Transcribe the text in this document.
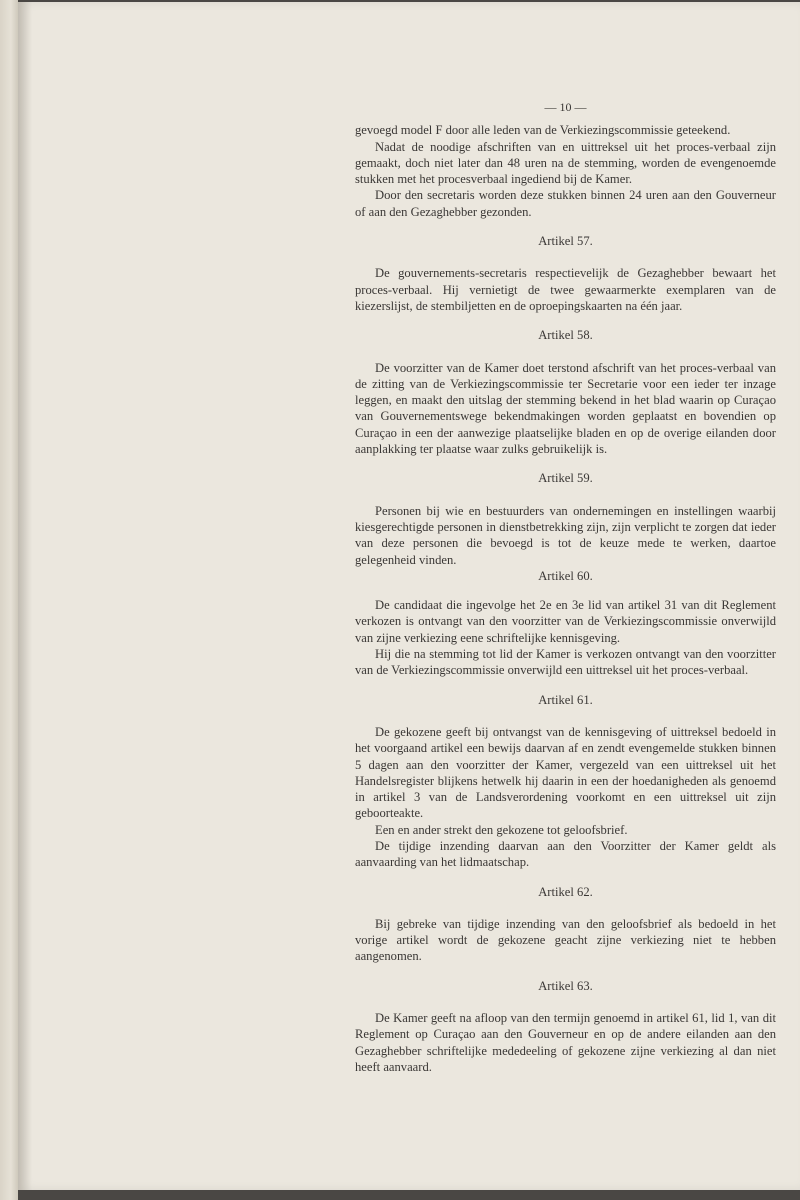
— 10 —

gevoegd model F door alle leden van de Verkiezingscommissie geteekend.

Nadat de noodige afschriften van en uittreksel uit het proces-verbaal zijn gemaakt, doch niet later dan 48 uren na de stemming, worden de evengenoemde stukken met het procesverbaal ingediend bij de Kamer.

Door den secretaris worden deze stukken binnen 24 uren aan den Gouverneur of aan den Gezaghebber gezonden.

Artikel 57.

De gouvernements-secretaris respectievelijk de Gezaghebber bewaart het proces-verbaal. Hij vernietigt de twee gewaarmerkte exemplaren van de kiezerslijst, de stembiljetten en de oproepingskaarten na één jaar.

Artikel 58.

De voorzitter van de Kamer doet terstond afschrift van het proces-verbaal van de zitting van de Verkiezingscommissie ter Secretarie voor een ieder ter inzage leggen, en maakt den uitslag der stemming bekend in het blad waarin op Curaçao van Gouvernementswege bekendmakingen worden geplaatst en bovendien op Curaçao in een der aanwezige plaatselijke bladen en op de overige eilanden door aanplakking ter plaatse waar zulks gebruikelijk is.

Artikel 59.

Personen bij wie en bestuurders van ondernemingen en instellingen waarbij kiesgerechtigde personen in dienstbetrekking zijn, zijn verplicht te zorgen dat ieder van deze personen die bevoegd is tot de keuze mede te werken, daartoe gelegenheid vinden.

Artikel 60.

De candidaat die ingevolge het 2e en 3e lid van artikel 31 van dit Reglement verkozen is ontvangt van den voorzitter van de Verkiezingscommissie onverwijld van zijne verkiezing eene schriftelijke kennisgeving.

Hij die na stemming tot lid der Kamer is verkozen ontvangt van den voorzitter van de Verkiezingscommissie onverwijld een uittreksel uit het proces-verbaal.

Artikel 61.

De gekozene geeft bij ontvangst van de kennisgeving of uittreksel bedoeld in het voorgaand artikel een bewijs daarvan af en zendt evengemelde stukken binnen 5 dagen aan den voorzitter der Kamer, vergezeld van een uittreksel uit het Handelsregister blijkens hetwelk hij daarin in een der hoedanigheden als genoemd in artikel 3 van de Landsverordening voorkomt en een uittreksel uit zijn geboorteakte.

Een en ander strekt den gekozene tot geloofsbrief.

De tijdige inzending daarvan aan den Voorzitter der Kamer geldt als aanvaarding van het lidmaatschap.

Artikel 62.

Bij gebreke van tijdige inzending van den geloofsbrief als bedoeld in het vorige artikel wordt de gekozene geacht zijne verkiezing niet te hebben aangenomen.

Artikel 63.

De Kamer geeft na afloop van den termijn genoemd in artikel 61, lid 1, van dit Reglement op Curaçao aan den Gouverneur en op de andere eilanden aan den Gezaghebber schriftelijke mededeeling of gekozene zijne verkiezing al dan niet heeft aanvaard.
